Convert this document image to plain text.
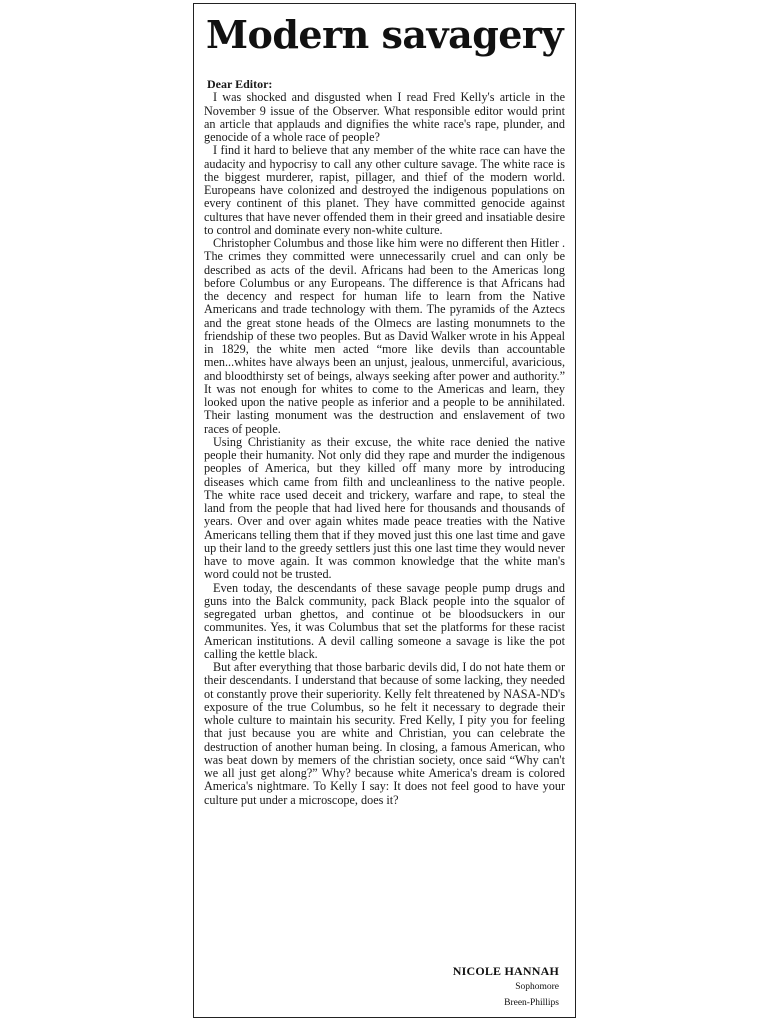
Modern savagery
Dear Editor:

I was shocked and disgusted when I read Fred Kelly's article in the November 9 issue of the Observer. What responsible editor would print an article that applauds and dignifies the white race's rape, plunder, and genocide of a whole race of people?

I find it hard to believe that any member of the white race can have the audacity and hypocrisy to call any other culture savage. The white race is the biggest murderer, rapist, pillager, and thief of the modern world. Europeans have colonized and destroyed the indigenous populations on every continent of this planet. They have committed genocide against cultures that have never offended them in their greed and insatiable desire to control and dominate every non-white culture.

Christopher Columbus and those like him were no different then Hitler . The crimes they committed were unnecessarily cruel and can only be described as acts of the devil. Africans had been to the Americas long before Columbus or any Europeans. The difference is that Africans had the decency and respect for human life to learn from the Native Americans and trade technology with them. The pyramids of the Aztecs and the great stone heads of the Olmecs are lasting monumnets to the friendship of these two peoples. But as David Walker wrote in his Appeal in 1829, the white men acted “more like devils than accountable men...whites have always been an unjust, jealous, unmerciful, avaricious, and bloodthirsty set of beings, always seeking after power and authority.” It was not enough for whites to come to the Americas and learn, they looked upon the native people as inferior and a people to be annihilated. Their lasting monument was the destruction and enslavement of two races of people.

Using Christianity as their excuse, the white race denied the native people their humanity. Not only did they rape and murder the indigenous peoples of America, but they killed off many more by introducing diseases which came from filth and uncleanliness to the native people. The white race used deceit and trickery, warfare and rape, to steal the land from the people that had lived here for thousands and thousands of years. Over and over again whites made peace treaties with the Native Americans telling them that if they moved just this one last time and gave up their land to the greedy settlers just this one last time they would never have to move again. It was common knowledge that the white man's word could not be trusted.

Even today, the descendants of these savage people pump drugs and guns into the Balck community, pack Black people into the squalor of segregated urban ghettos, and continue ot be bloodsuckers in our communites. Yes, it was Columbus that set the platforms for these racist American institutions. A devil calling someone a savage is like the pot calling the kettle black.

But after everything that those barbaric devils did, I do not hate them or their descendants. I understand that because of some lacking, they needed ot constantly prove their superiority. Kelly felt threatened by NASA-ND's exposure of the true Columbus, so he felt it necessary to degrade their whole culture to maintain his security. Fred Kelly, I pity you for feeling that just because you are white and Christian, you can celebrate the destruction of another human being. In closing, a famous American, who was beat down by memers of the christian society, once said “Why can't we all just get along?” Why? because white America's dream is colored America's nightmare. To Kelly I say: It does not feel good to have your culture put under a microscope, does it?

NICOLE HANNAH
Sophomore
Breen-Phillips
